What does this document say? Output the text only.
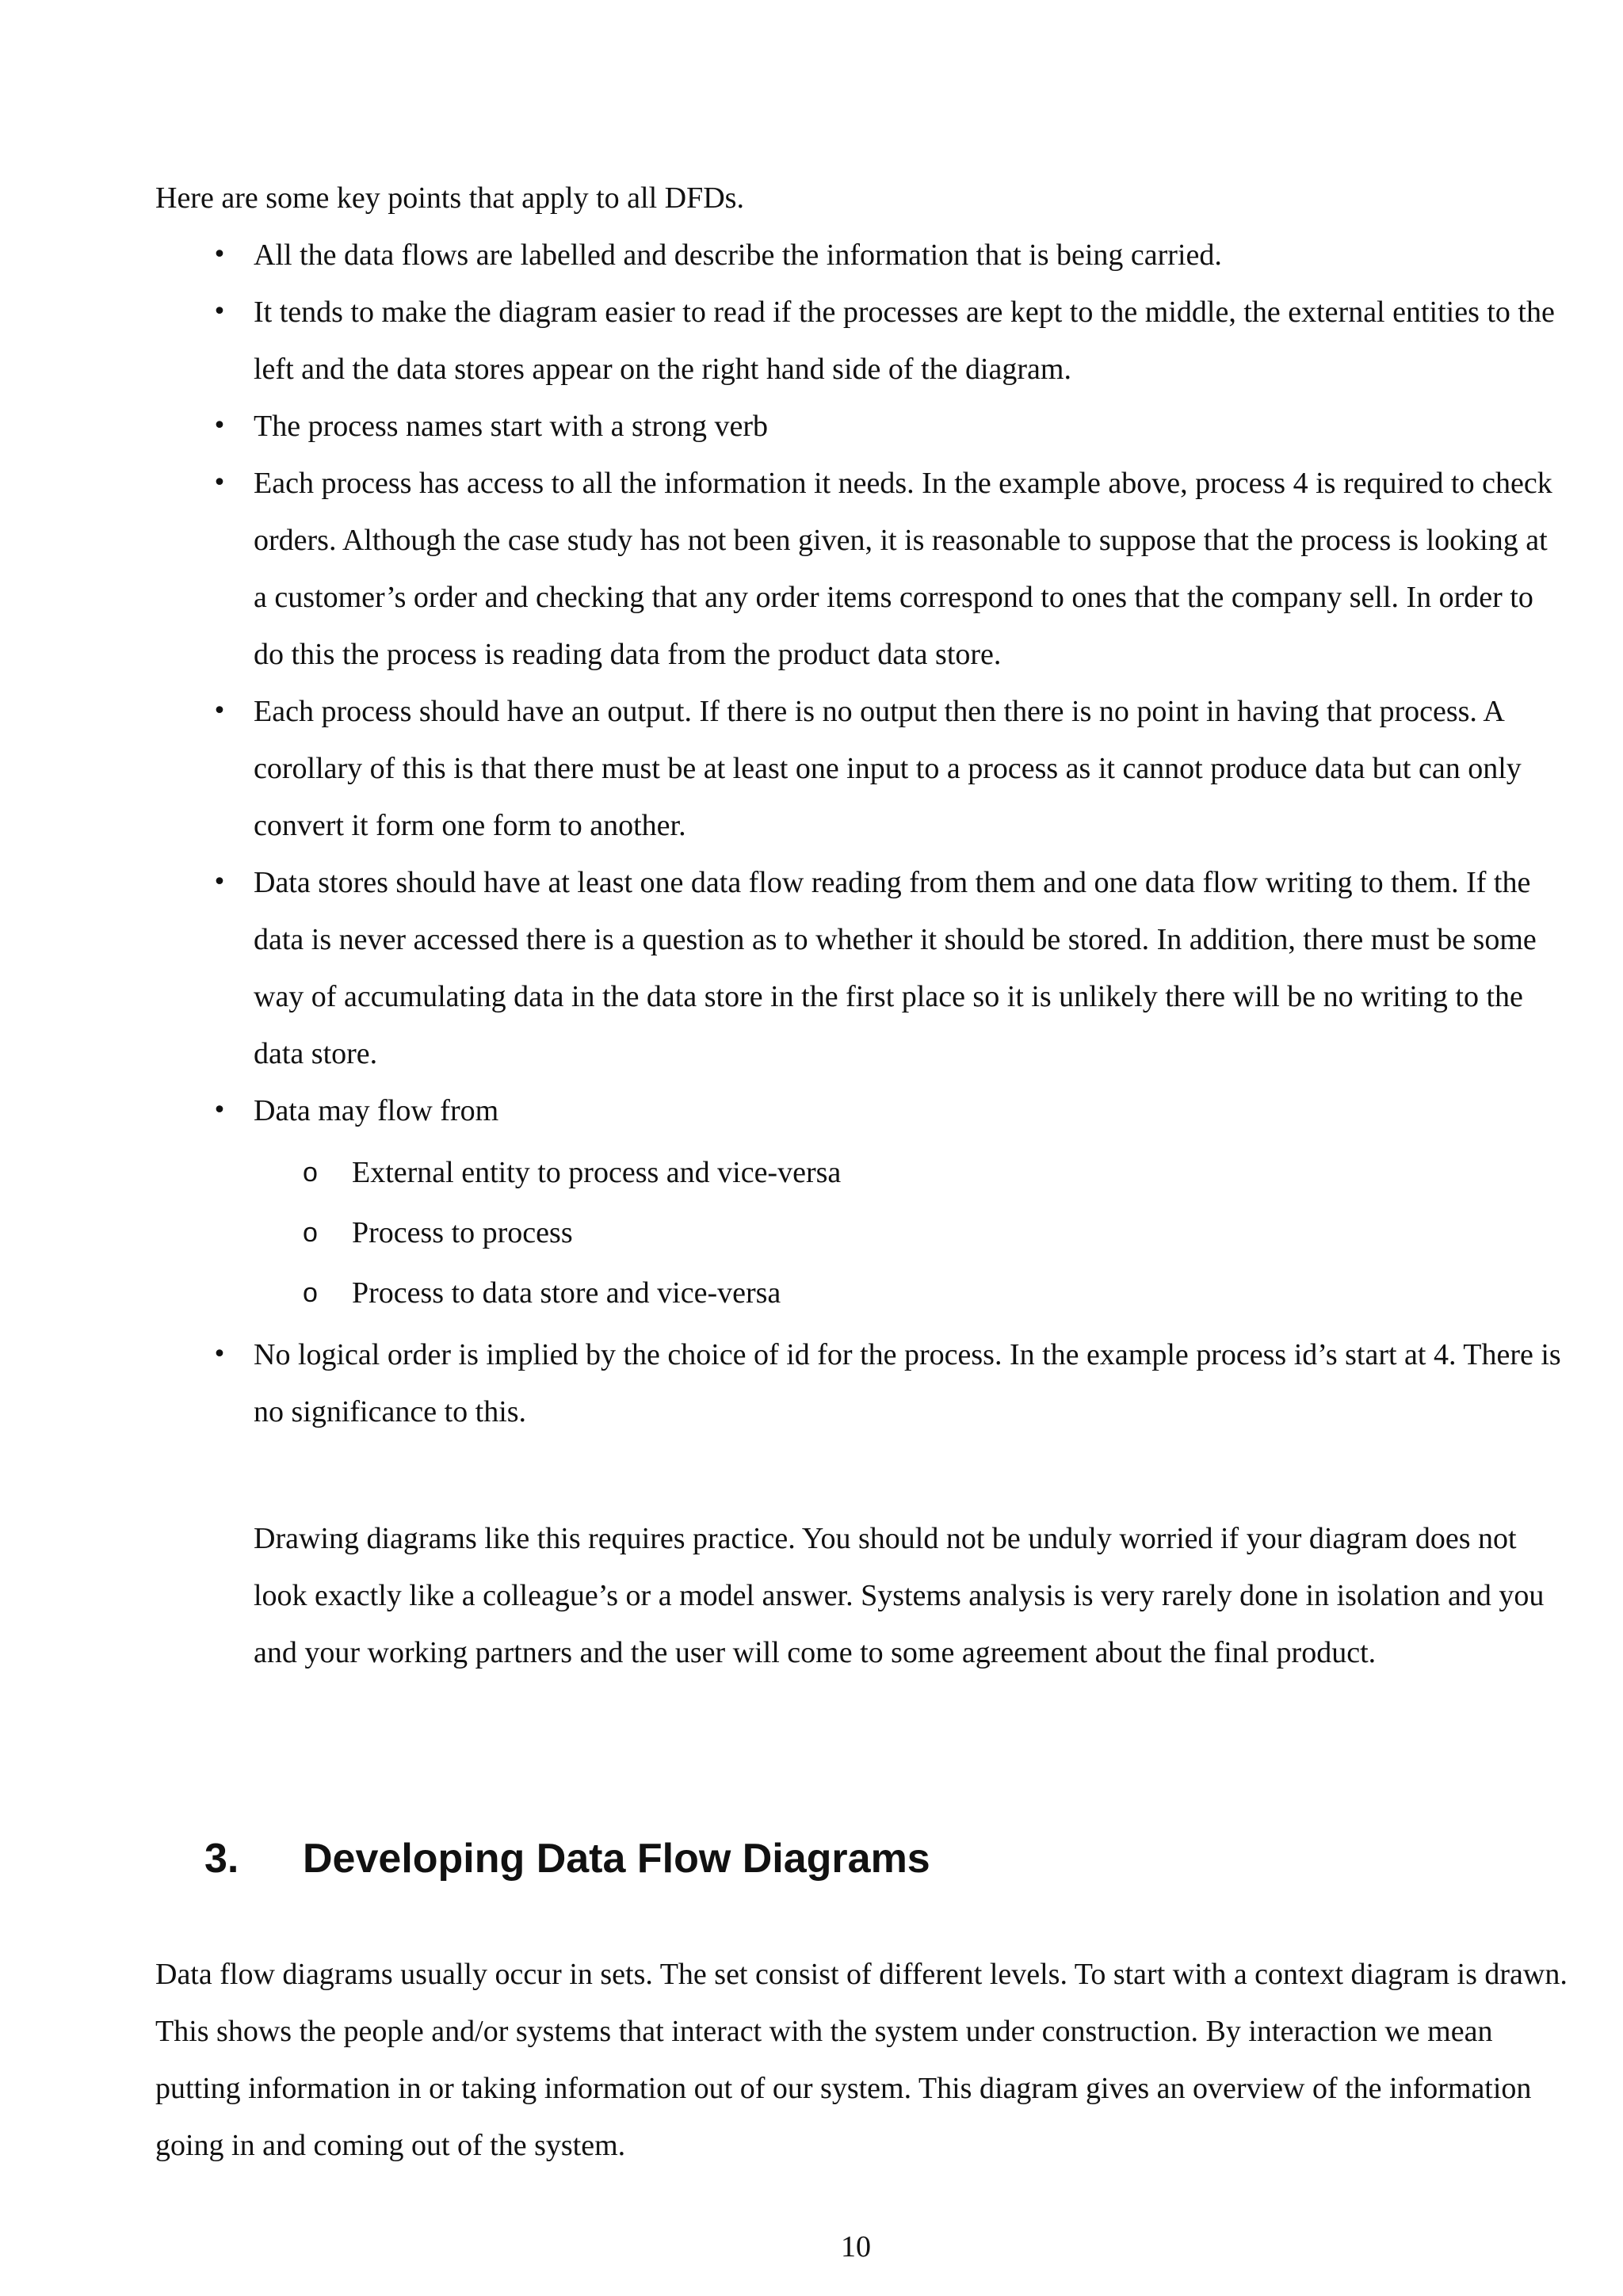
Here are some key points that apply to all DFDs.

• All the data flows are labelled and describe the information that is being carried.
• It tends to make the diagram easier to read if the processes are kept to the middle, the external entities to the left and the data stores appear on the right hand side of the diagram.
• The process names start with a strong verb
• Each process has access to all the information it needs. In the example above, process 4 is required to check orders. Although the case study has not been given, it is reasonable to suppose that the process is looking at a customer’s order and checking that any order items correspond to ones that the company sell. In order to do this the process is reading data from the product data store.
• Each process should have an output. If there is no output then there is no point in having that process. A corollary of this is that there must be at least one input to a process as it cannot produce data but can only convert it form one form to another.
• Data stores should have at least one data flow reading from them and one data flow writing to them. If the data is never accessed there is a question as to whether it should be stored. In addition, there must be some way of accumulating data in the data store in the first place so it is unlikely there will be no writing to the data store.
• Data may flow from
o External entity to process and vice-versa
o Process to process
o Process to data store and vice-versa
• No logical order is implied by the choice of id for the process. In the example process id’s start at 4. There is no significance to this.

Drawing diagrams like this requires practice. You should not be unduly worried if your diagram does not look exactly like a colleague’s or a model answer. Systems analysis is very rarely done in isolation and you and your working partners and the user will come to some agreement about the final product.

3. Developing Data Flow Diagrams

Data flow diagrams usually occur in sets. The set consist of different levels. To start with a context diagram is drawn. This shows the people and/or systems that interact with the system under construction. By interaction we mean putting information in or taking information out of our system. This diagram gives an overview of the information going in and coming out of the system.

10
